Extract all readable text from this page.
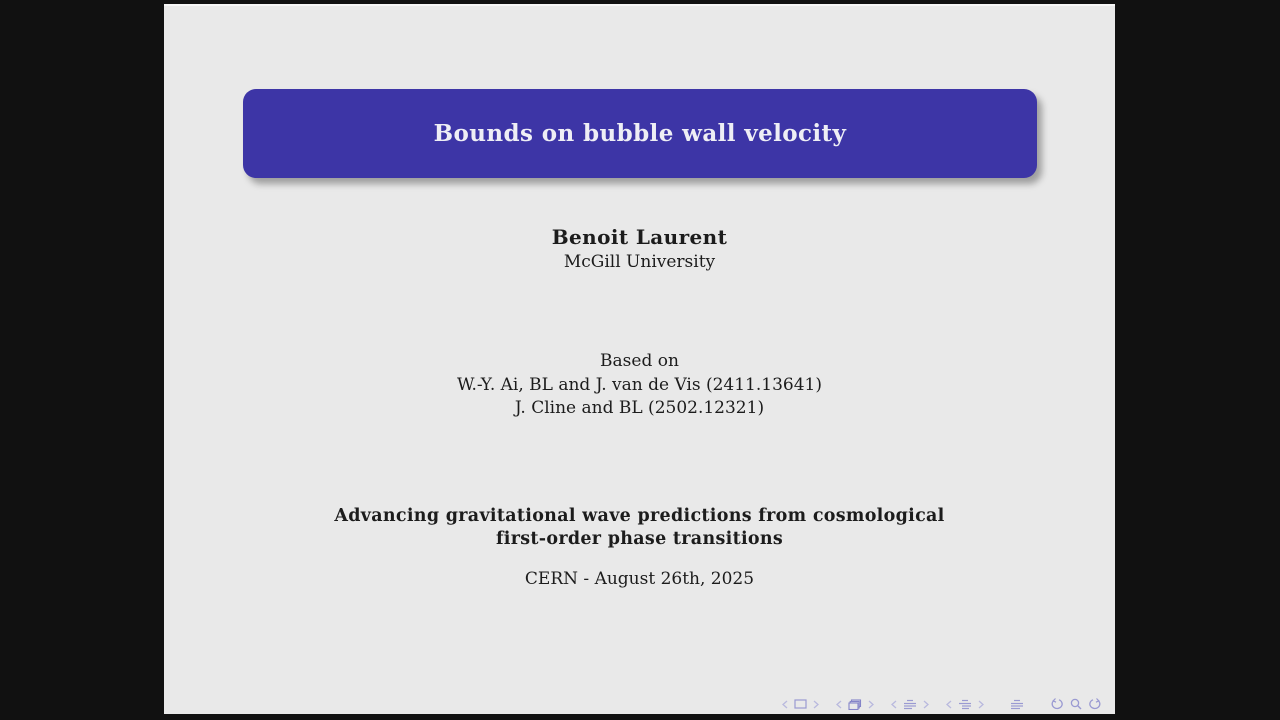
Bounds on bubble wall velocity
Benoit Laurent
McGill University
Based on
W.-Y. Ai, BL and J. van de Vis (2411.13641)
J. Cline and BL (2502.12321)
Advancing gravitational wave predictions from cosmological
first-order phase transitions
CERN - August 26th, 2025
